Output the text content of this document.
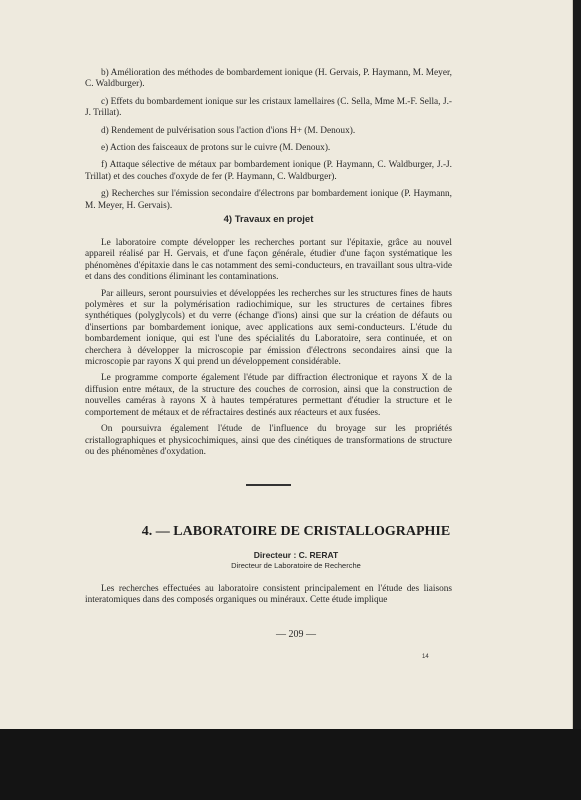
b) Amélioration des méthodes de bombardement ionique (H. Gervais, P. Haymann, M. Meyer, C. Waldburger).

c) Effets du bombardement ionique sur les cristaux lamellaires (C. Sella, Mme M.-F. Sella, J.-J. Trillat).

d) Rendement de pulvérisation sous l'action d'ions H+ (M. Denoux).

e) Action des faisceaux de protons sur le cuivre (M. Denoux).

f) Attaque sélective de métaux par bombardement ionique (P. Haymann, C. Waldburger, J.-J. Trillat) et des couches d'oxyde de fer (P. Haymann, C. Waldburger).

g) Recherches sur l'émission secondaire d'électrons par bombardement ionique (P. Haymann, M. Meyer, H. Gervais).

4) Travaux en projet

Le laboratoire compte développer les recherches portant sur l'épitaxie, grâce au nouvel appareil réalisé par H. Gervais, et d'une façon générale, étudier d'une façon systématique les phénomènes d'épitaxie dans le cas notamment des semi-conducteurs, en travaillant sous ultra-vide et dans des conditions éliminant les contaminations.

Par ailleurs, seront poursuivies et développées les recherches sur les structures fines de hauts polymères et sur la polymérisation radiochimique, sur les structures de certaines fibres synthétiques (polyglycols) et du verre (échange d'ions) ainsi que sur la création de défauts ou d'insertions par bombardement ionique, avec applications aux semi-conducteurs. L'étude du bombardement ionique, qui est l'une des spécialités du Laboratoire, sera continuée, et on cherchera à développer la microscopie par émission d'électrons secondaires ainsi que la microscopie par rayons X qui prend un développement considérable.

Le programme comporte également l'étude par diffraction électronique et rayons X de la diffusion entre métaux, de la structure des couches de corrosion, ainsi que la construction de nouvelles caméras à rayons X à hautes températures permettant d'étudier la structure et le comportement de métaux et de réfractaires destinés aux réacteurs et aux fusées.

On poursuivra également l'étude de l'influence du broyage sur les propriétés cristallographiques et physicochimiques, ainsi que des cinétiques de transformations de structure ou des phénomènes d'oxydation.

4. — LABORATOIRE DE CRISTALLOGRAPHIE
Directeur : C. RERAT
Directeur de Laboratoire de Recherche

Les recherches effectuées au laboratoire consistent principalement en l'étude des liaisons interatomiques dans des composés organiques ou minéraux. Cette étude implique

— 209 —
14
